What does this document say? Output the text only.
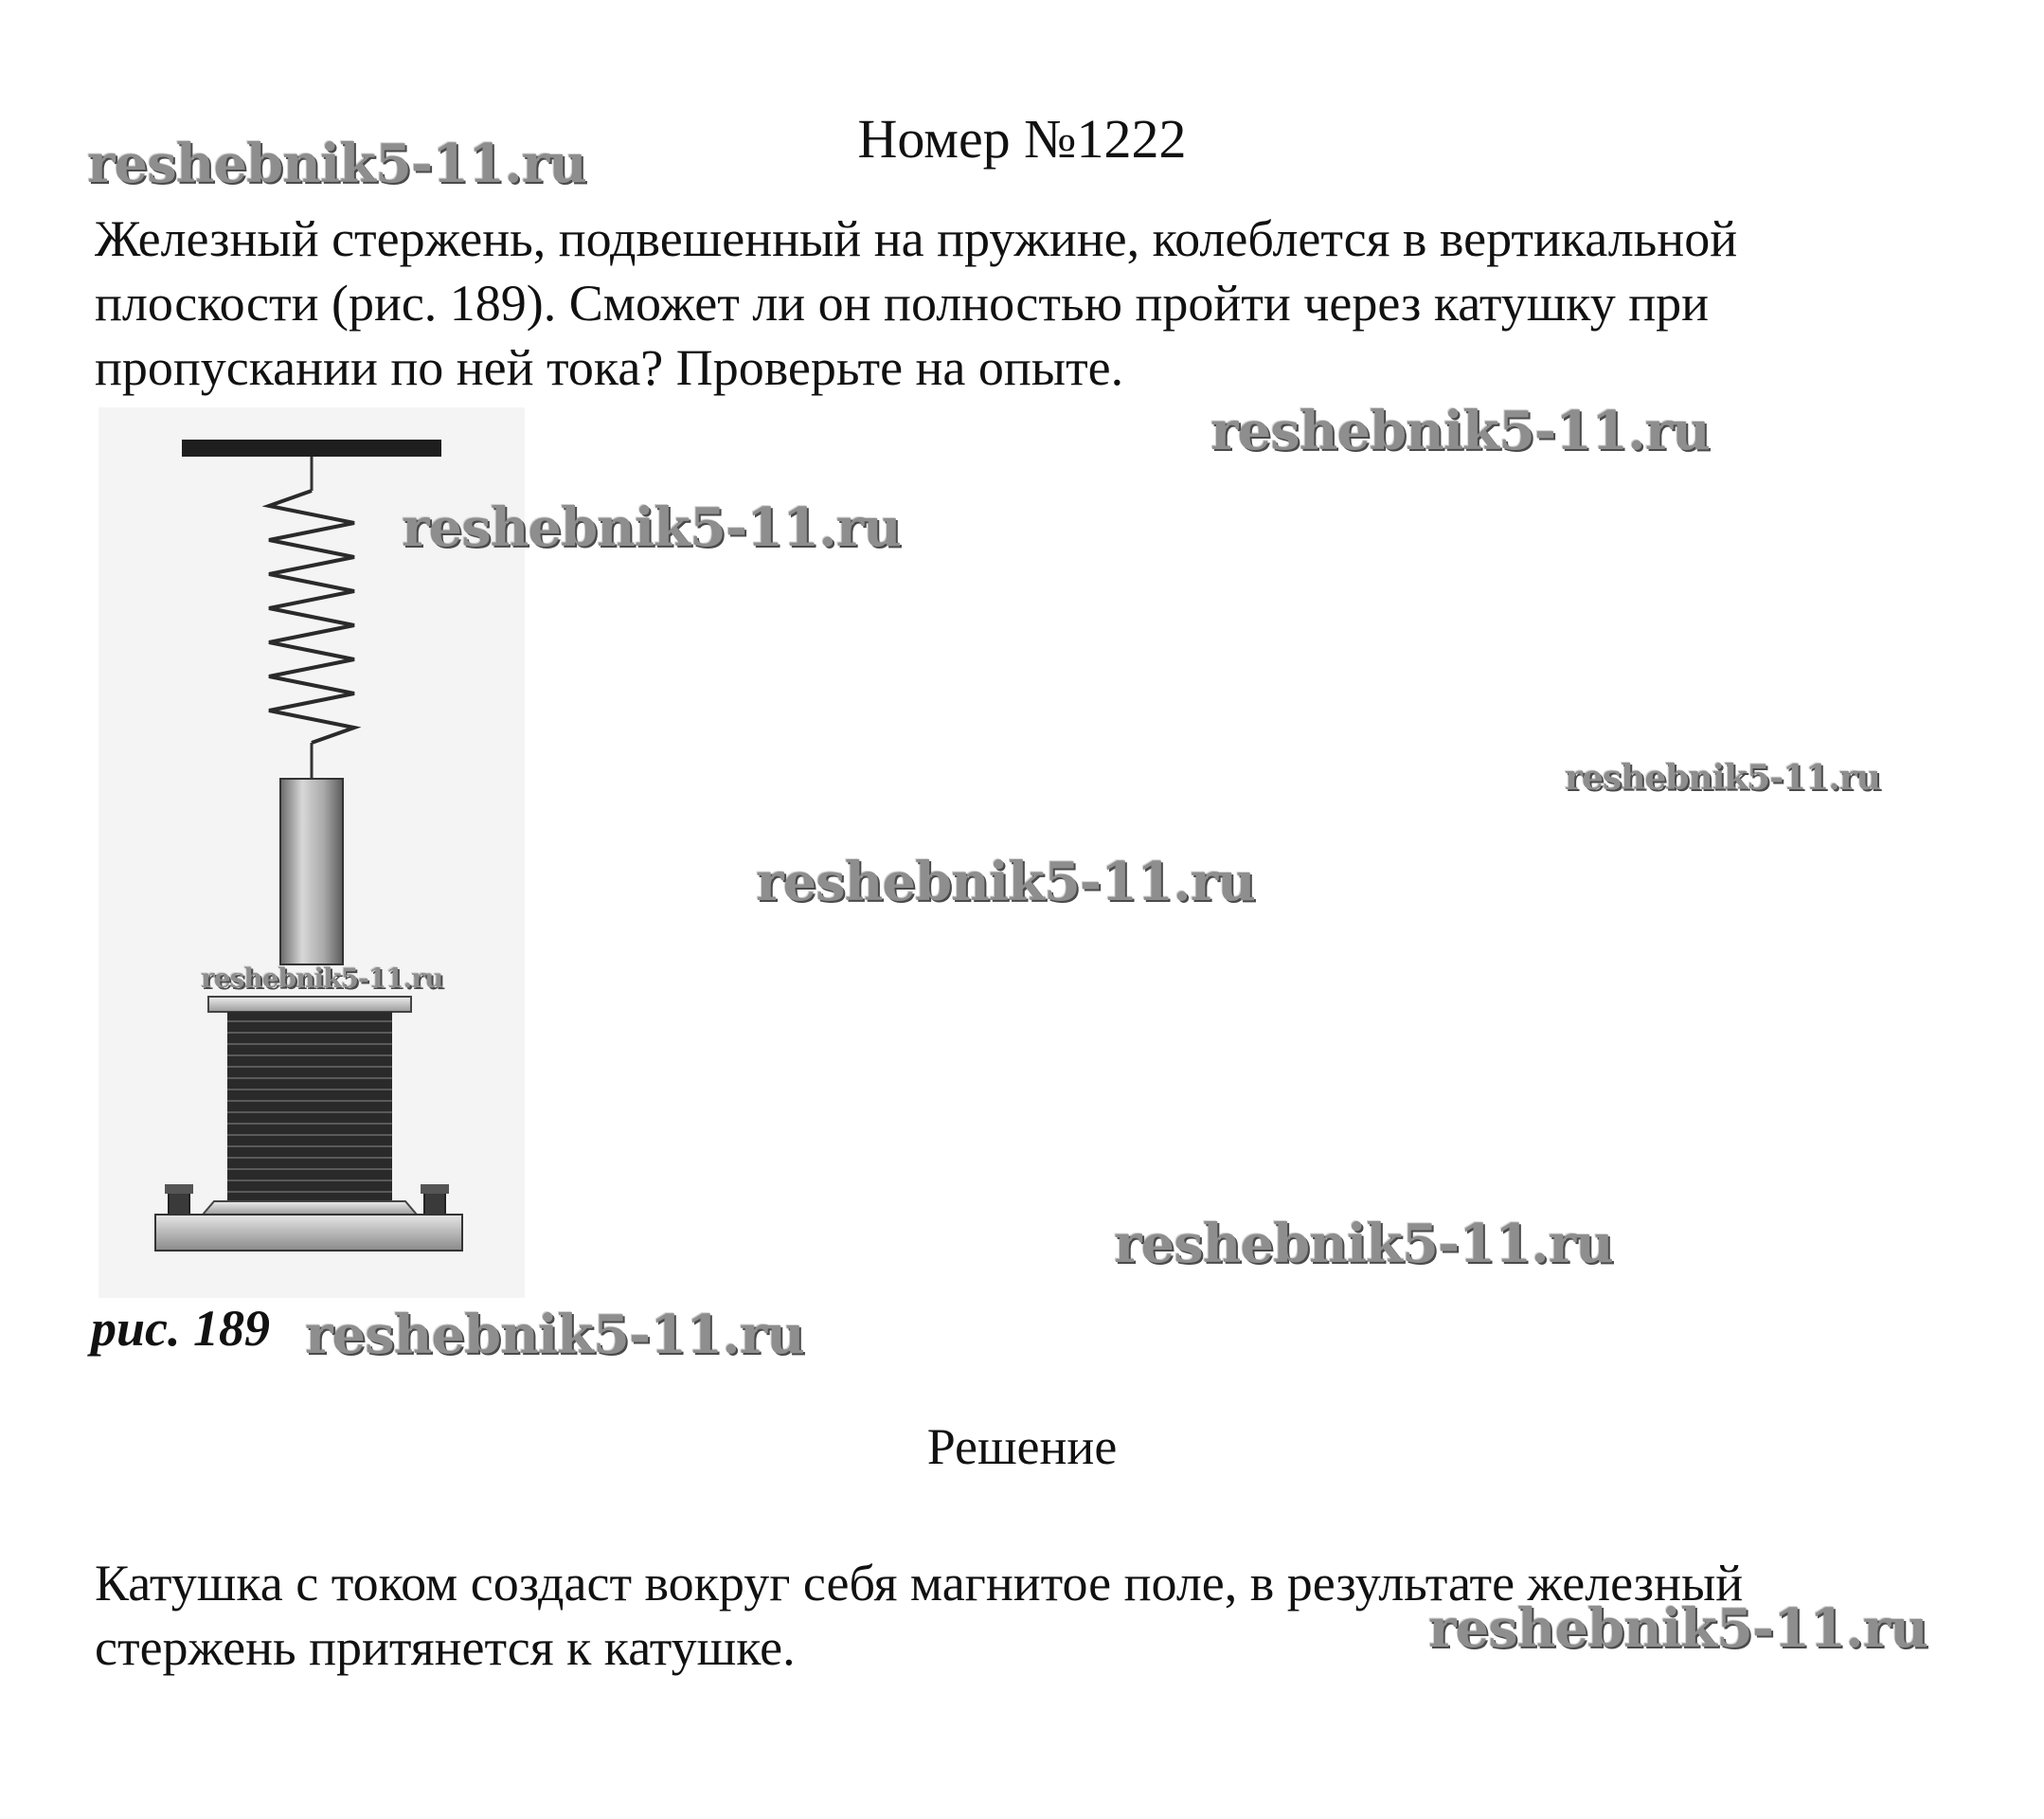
Номер №1222
Железный стержень, подвешенный на пружине, колеблется в вертикальной
плоскости (рис. 189). Сможет ли он полностью пройти через катушку при
пропускании по ней тока? Проверьте на опыте.
рис. 189
Решение
Катушка с током создаст вокруг себя магнитое поле, в результате железный
стержень притянется к катушке.
reshebnik5-11.ru
reshebnik5-11.ru
reshebnik5-11.ru
reshebnik5-11.ru
reshebnik5-11.ru
reshebnik5-11.ru
reshebnik5-11.ru
reshebnik5-11.ru
reshebnik5-11.ru
